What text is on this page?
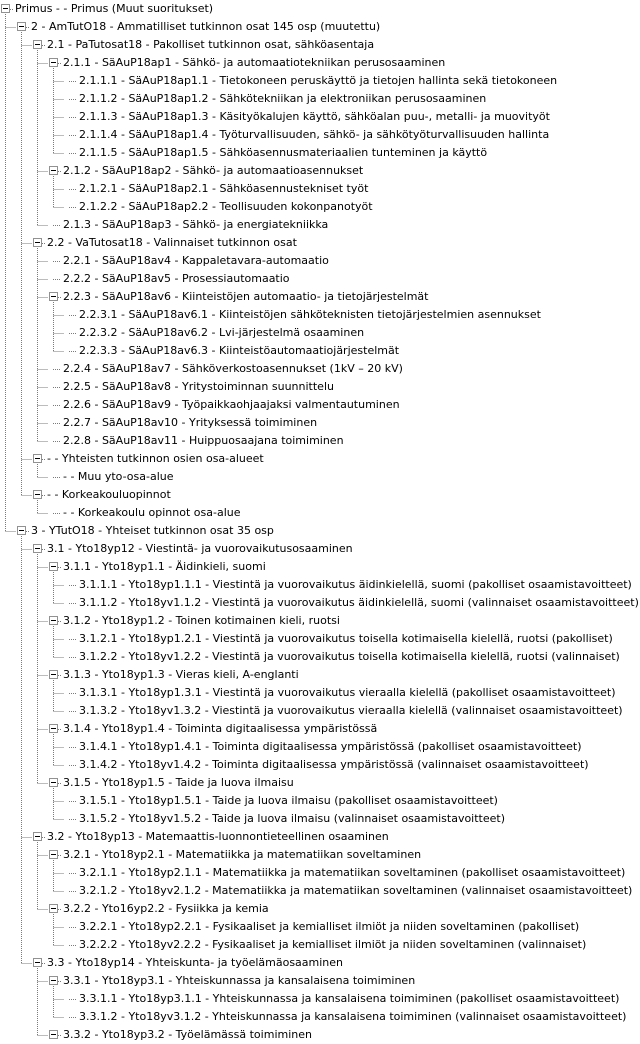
Primus - - Primus (Muut suoritukset)
2 - AmTutO18 - Ammatilliset tutkinnon osat 145 osp (muutettu)
2.1 - PaTutosat18 - Pakolliset tutkinnon osat, sähköasentaja
2.1.1 - SäAuP18ap1 - Sähkö- ja automaatiotekniikan perusosaaminen
2.1.1.1 - SäAuP18ap1.1 - Tietokoneen peruskäyttö ja tietojen hallinta sekä tietokoneen
2.1.1.2 - SäAuP18ap1.2 - Sähkötekniikan ja elektroniikan perusosaaminen
2.1.1.3 - SäAuP18ap1.3 - Käsityökalujen käyttö, sähköalan puu-, metalli- ja muovityöt
2.1.1.4 - SäAuP18ap1.4 - Työturvallisuuden, sähkö- ja sähkötyöturvallisuuden hallinta
2.1.1.5 - SäAuP18ap1.5 - Sähköasennusmateriaalien tunteminen ja käyttö
2.1.2 - SäAuP18ap2 - Sähkö- ja automaatioasennukset
2.1.2.1 - SäAuP18ap2.1 - Sähköasennustekniset työt
2.1.2.2 - SäAuP18ap2.2 - Teollisuuden kokonpanotyöt
2.1.3 - SäAuP18ap3 - Sähkö- ja energiatekniikka
2.2 - VaTutosat18 - Valinnaiset tutkinnon osat
2.2.1 - SäAuP18av4 - Kappaletavara-automaatio
2.2.2 - SäAuP18av5 - Prosessiautomaatio
2.2.3 - SäAuP18av6 - Kiinteistöjen automaatio- ja tietojärjestelmät
2.2.3.1 - SäAuP18av6.1 - Kiinteistöjen sähköteknisten tietojärjestelmien asennukset
2.2.3.2 - SäAuP18av6.2 - Lvi-järjestelmä osaaminen
2.2.3.3 - SäAuP18av6.3 - Kiinteistöautomaatiojärjestelmät
2.2.4 - SäAuP18av7 - Sähköverkostoasennukset (1kV – 20 kV)
2.2.5 - SäAuP18av8 - Yritystoiminnan suunnittelu
2.2.6 - SäAuP18av9 - Työpaikkaohjaajaksi valmentautuminen
2.2.7 - SäAuP18av10 - Yrityksessä toimiminen
2.2.8 - SäAuP18av11 - Huippuosaajana toimiminen
- - Yhteisten tutkinnon osien osa-alueet
- - Muu yto-osa-alue
- - Korkeakouluopinnot
- - Korkeakoulu opinnot osa-alue
3 - YTutO18 - Yhteiset tutkinnon osat 35 osp
3.1 - Yto18yp12 - Viestintä- ja vuorovaikutusosaaminen
3.1.1 - Yto18yp1.1 - Äidinkieli, suomi
3.1.1.1 - Yto18yp1.1.1 - Viestintä ja vuorovaikutus äidinkielellä, suomi (pakolliset osaamistavoitteet)
3.1.1.2 - Yto18yv1.1.2 - Viestintä ja vuorovaikutus äidinkielellä, suomi (valinnaiset osaamistavoitteet)
3.1.2 - Yto18yp1.2 - Toinen kotimainen kieli, ruotsi
3.1.2.1 - Yto18yp1.2.1 - Viestintä ja vuorovaikutus toisella kotimaisella kielellä, ruotsi (pakolliset)
3.1.2.2 - Yto18yv1.2.2 - Viestintä ja vuorovaikutus toisella kotimaisella kielellä, ruotsi (valinnaiset)
3.1.3 - Yto18yp1.3 - Vieras kieli, A-englanti
3.1.3.1 - Yto18yp1.3.1 - Viestintä ja vuorovaikutus vieraalla kielellä (pakolliset osaamistavoitteet)
3.1.3.2 - Yto18yv1.3.2 - Viestintä ja vuorovaikutus vieraalla kielellä (valinnaiset osaamistavoitteet)
3.1.4 - Yto18yp1.4 - Toiminta digitaalisessa ympäristössä
3.1.4.1 - Yto18yp1.4.1 - Toiminta digitaalisessa ympäristössä (pakolliset osaamistavoitteet)
3.1.4.2 - Yto18yv1.4.2 - Toiminta digitaalisessa ympäristössä (valinnaiset osaamistavoitteet)
3.1.5 - Yto18yp1.5 - Taide ja luova ilmaisu
3.1.5.1 - Yto18yp1.5.1 - Taide ja luova ilmaisu (pakolliset osaamistavoitteet)
3.1.5.2 - Yto18yv1.5.2 - Taide ja luova ilmaisu (valinnaiset osaamistavoitteet)
3.2 - Yto18yp13 - Matemaattis-luonnontieteellinen osaaminen
3.2.1 - Yto18yp2.1 - Matematiikka ja matematiikan soveltaminen
3.2.1.1 - Yto18yp2.1.1 - Matematiikka ja matematiikan soveltaminen (pakolliset osaamistavoitteet)
3.2.1.2 - Yto18yv2.1.2 - Matematiikka ja matematiikan soveltaminen (valinnaiset osaamistavoitteet)
3.2.2 - Yto16yp2.2 - Fysiikka ja kemia
3.2.2.1 - Yto18yp2.2.1 - Fysikaaliset ja kemialliset ilmiöt ja niiden soveltaminen (pakolliset)
3.2.2.2 - Yto18yv2.2.2 - Fysikaaliset ja kemialliset ilmiöt ja niiden soveltaminen (valinnaiset)
3.3 - Yto18yp14 - Yhteiskunta- ja työelämäosaaminen
3.3.1 - Yto18yp3.1 - Yhteiskunnassa ja kansalaisena toimiminen
3.3.1.1 - Yto18yp3.1.1 - Yhteiskunnassa ja kansalaisena toimiminen (pakolliset osaamistavoitteet)
3.3.1.2 - Yto18yv3.1.2 - Yhteiskunnassa ja kansalaisena toimiminen (valinnaiset osaamistavoitteet)
3.3.2 - Yto18yp3.2 - Työelämässä toimiminen
